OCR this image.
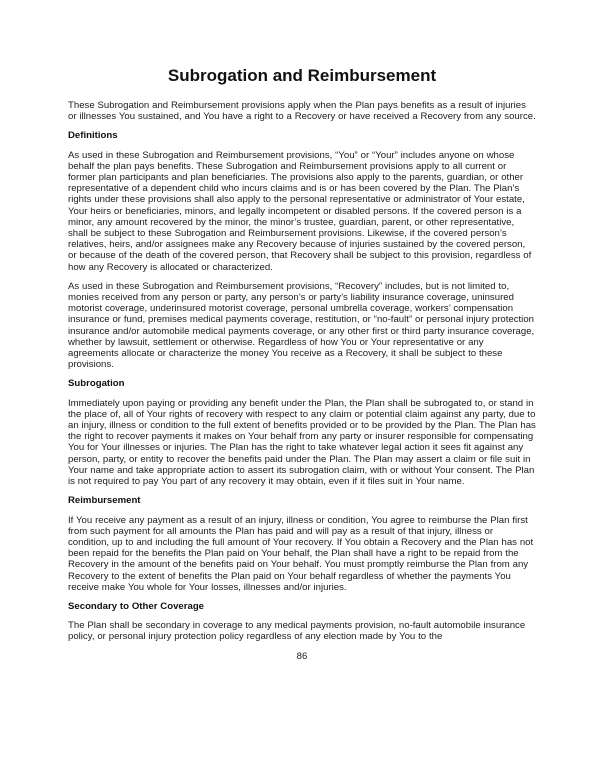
Subrogation and Reimbursement

These Subrogation and Reimbursement provisions apply when the Plan pays benefits as a result of injuries or illnesses You sustained, and You have a right to a Recovery or have received a Recovery from any source.

Definitions

As used in these Subrogation and Reimbursement provisions, “You” or “Your” includes anyone on whose behalf the plan pays benefits. These Subrogation and Reimbursement provisions apply to all current or former plan participants and plan beneficiaries. The provisions also apply to the parents, guardian, or other representative of a dependent child who incurs claims and is or has been covered by the Plan. The Plan’s rights under these provisions shall also apply to the personal representative or administrator of Your estate, Your heirs or beneficiaries, minors, and legally incompetent or disabled persons. If the covered person is a minor, any amount recovered by the minor, the minor’s trustee, guardian, parent, or other representative, shall be subject to these Subrogation and Reimbursement provisions. Likewise, if the covered person’s relatives, heirs, and/or assignees make any Recovery because of injuries sustained by the covered person, or because of the death of the covered person, that Recovery shall be subject to this provision, regardless of how any Recovery is allocated or characterized.

As used in these Subrogation and Reimbursement provisions, “Recovery” includes, but is not limited to, monies received from any person or party, any person’s or party’s liability insurance coverage, uninsured motorist coverage, underinsured motorist coverage, personal umbrella coverage, workers’ compensation insurance or fund, premises medical payments coverage, restitution, or “no-fault” or personal injury protection insurance and/or automobile medical payments coverage, or any other first or third party insurance coverage, whether by lawsuit, settlement or otherwise. Regardless of how You or Your representative or any agreements allocate or characterize the money You receive as a Recovery, it shall be subject to these provisions.

Subrogation

Immediately upon paying or providing any benefit under the Plan, the Plan shall be subrogated to, or stand in the place of, all of Your rights of recovery with respect to any claim or potential claim against any party, due to an injury, illness or condition to the full extent of benefits provided or to be provided by the Plan. The Plan has the right to recover payments it makes on Your behalf from any party or insurer responsible for compensating You for Your illnesses or injuries. The Plan has the right to take whatever legal action it sees fit against any person, party, or entity to recover the benefits paid under the Plan. The Plan may assert a claim or file suit in Your name and take appropriate action to assert its subrogation claim, with or without Your consent. The Plan is not required to pay You part of any recovery it may obtain, even if it files suit in Your name.

Reimbursement

If You receive any payment as a result of an injury, illness or condition, You agree to reimburse the Plan first from such payment for all amounts the Plan has paid and will pay as a result of that injury, illness or condition, up to and including the full amount of Your recovery. If You obtain a Recovery and the Plan has not been repaid for the benefits the Plan paid on Your behalf, the Plan shall have a right to be repaid from the Recovery in the amount of the benefits paid on Your behalf. You must promptly reimburse the Plan from any Recovery to the extent of benefits the Plan paid on Your behalf regardless of whether the payments You receive make You whole for Your losses, illnesses and/or injuries.

Secondary to Other Coverage

The Plan shall be secondary in coverage to any medical payments provision, no-fault automobile insurance policy, or personal injury protection policy regardless of any election made by You to the

86
